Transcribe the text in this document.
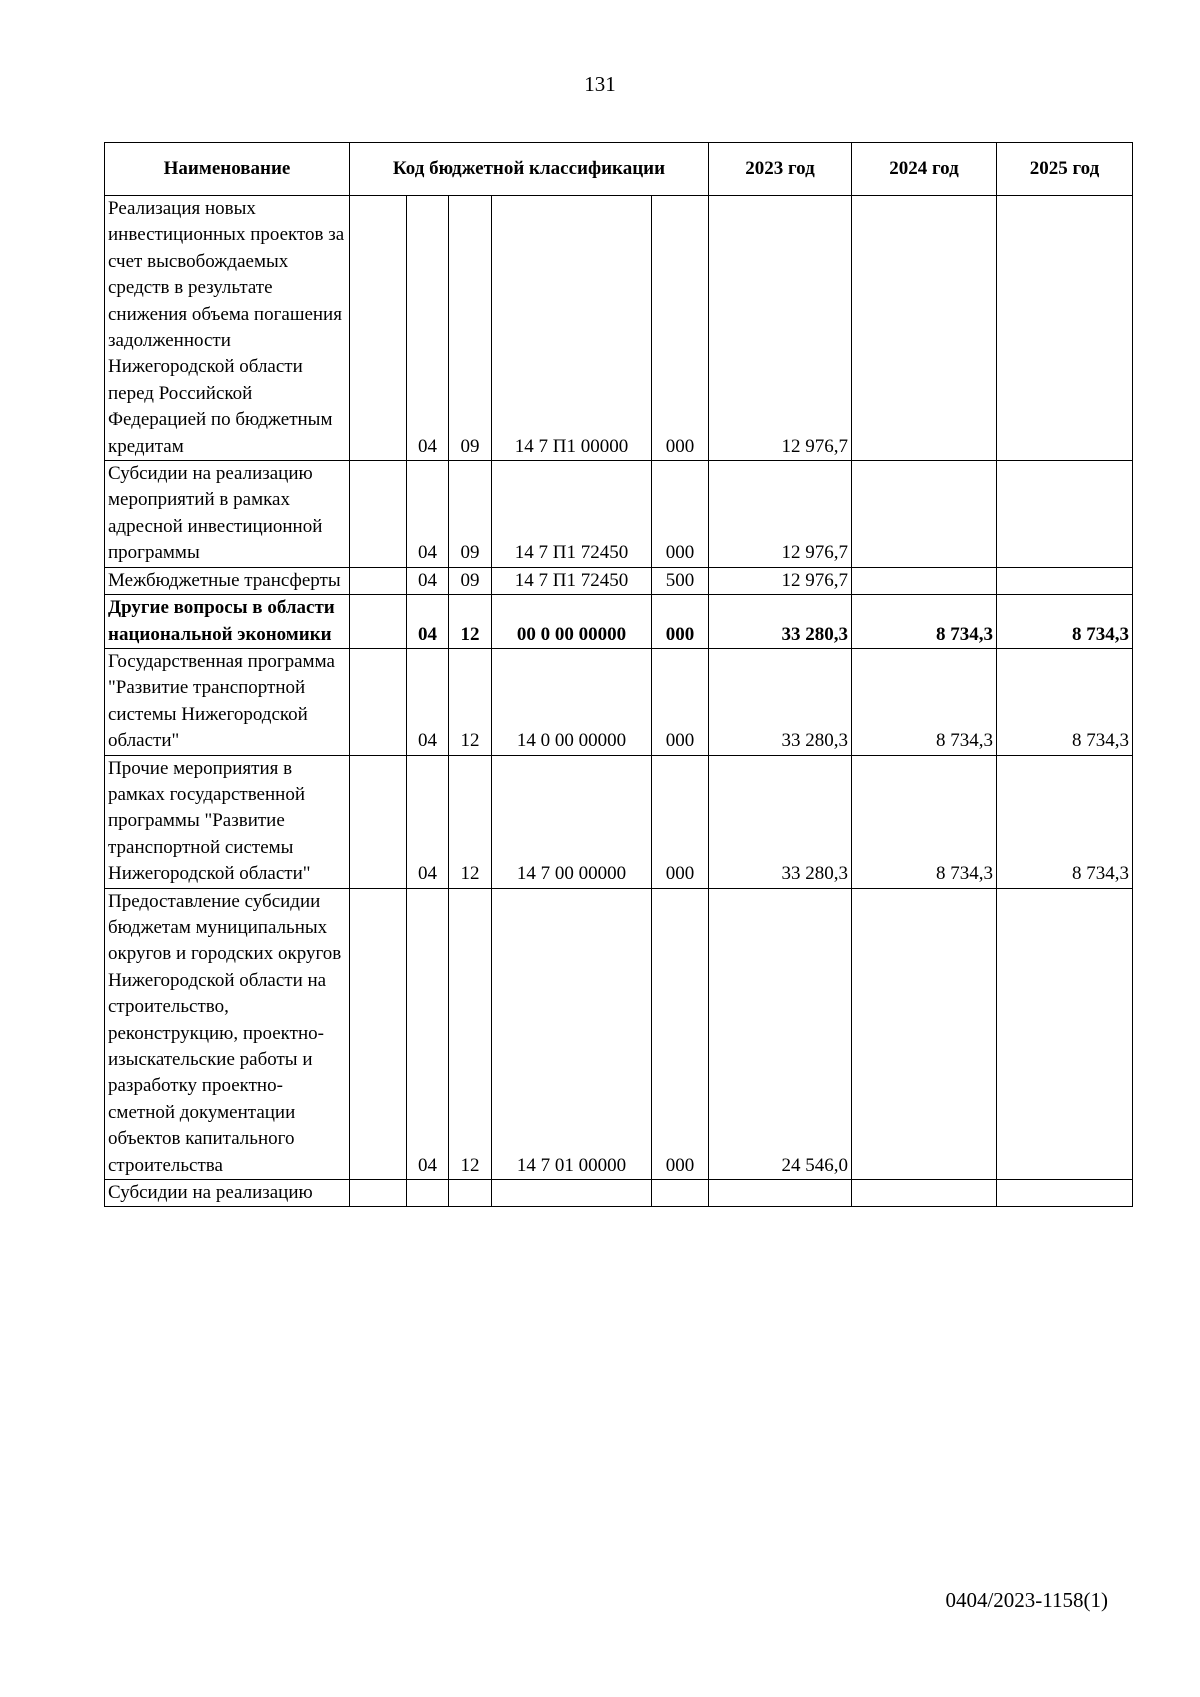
131
Наименование	Код бюджетной классификации					2023 год	2024 год	2025 год
Реализация новых инвестиционных проектов за счет высвобождаемых средств в результате снижения объема погашения задолженности Нижегородской области перед Российской Федерацией по бюджетным кредитам		04	09	14 7 П1 00000	000	12 976,7		
Субсидии на реализацию мероприятий в рамках адресной инвестиционной программы		04	09	14 7 П1 72450	000	12 976,7		
Межбюджетные трансферты		04	09	14 7 П1 72450	500	12 976,7		
Другие вопросы в области национальной экономики		04	12	00 0 00 00000	000	33 280,3	8 734,3	8 734,3
Государственная программа "Развитие транспортной системы Нижегородской области"		04	12	14 0 00 00000	000	33 280,3	8 734,3	8 734,3
Прочие мероприятия в рамках государственной программы "Развитие транспортной системы Нижегородской области"		04	12	14 7 00 00000	000	33 280,3	8 734,3	8 734,3
Предоставление субсидии бюджетам муниципальных округов и городских округов Нижегородской области на строительство, реконструкцию, проектно-изыскательские работы и разработку проектно-сметной документации объектов капитального строительства		04	12	14 7 01 00000	000	24 546,0		
Субсидии на реализацию								
0404/2023-1158(1)
